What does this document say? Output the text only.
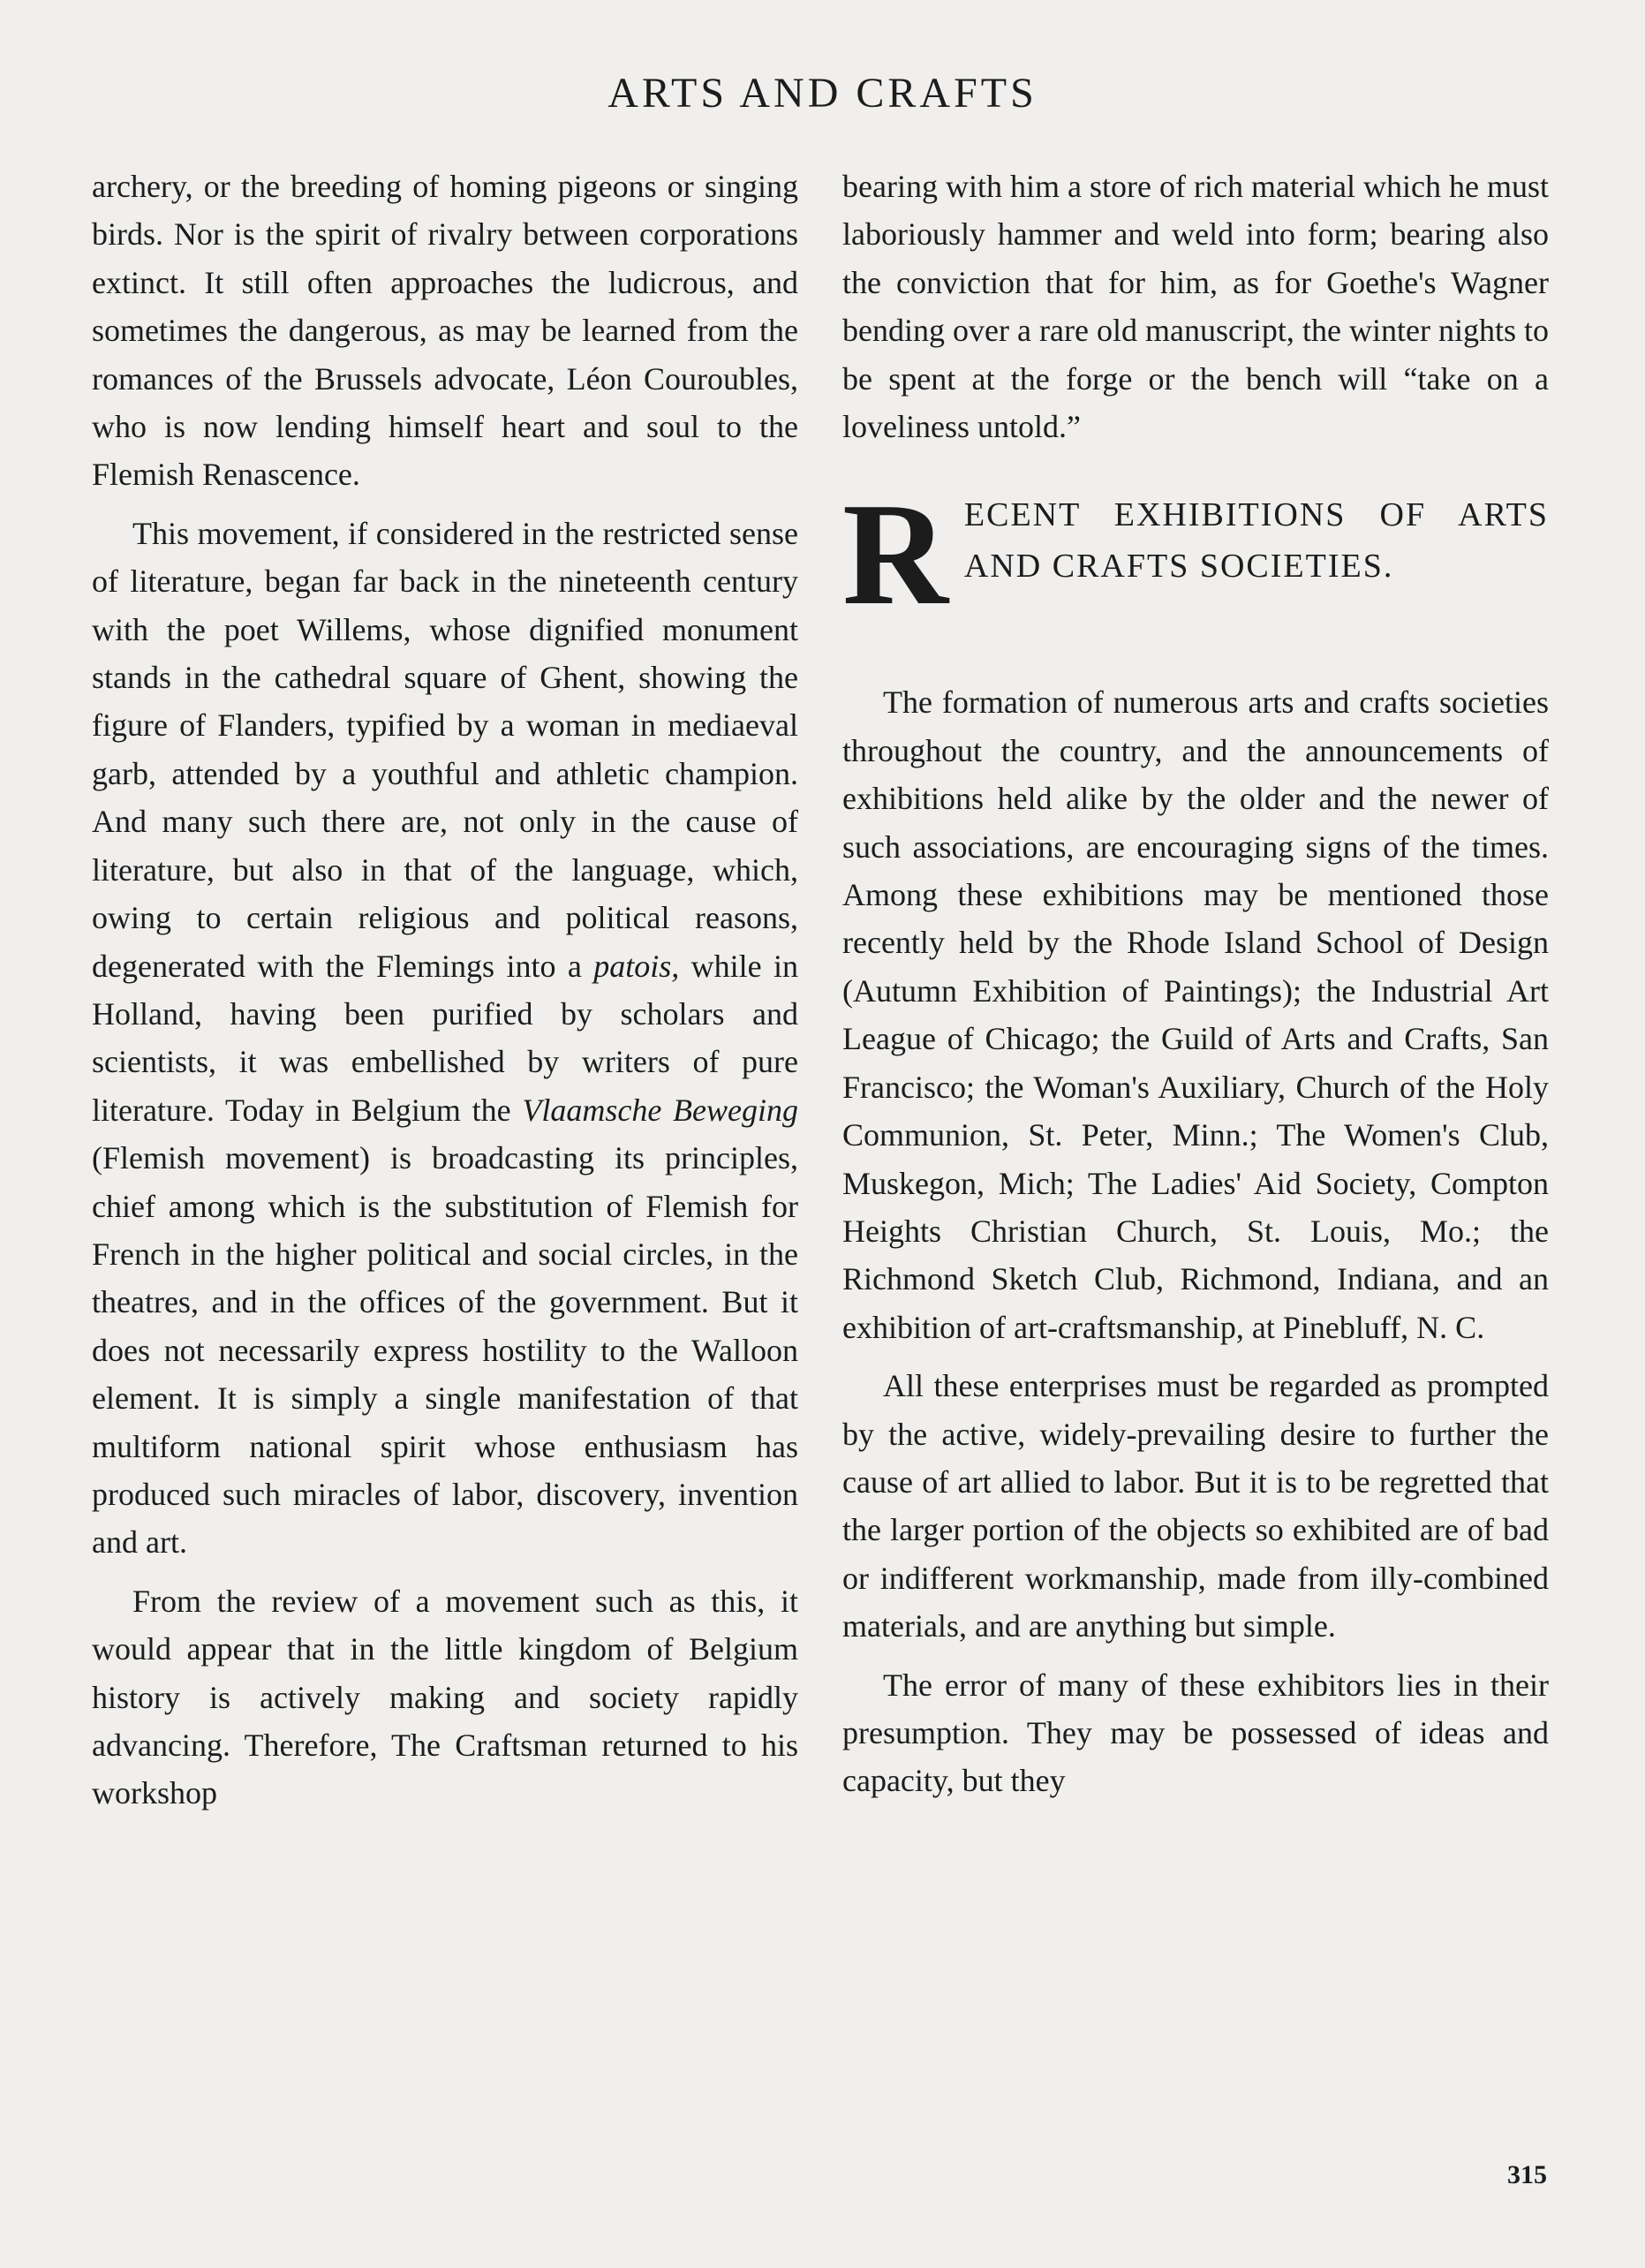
ARTS AND CRAFTS

archery, or the breeding of homing pigeons or singing birds. Nor is the spirit of rivalry between corporations extinct. It still often approaches the ludicrous, and sometimes the dangerous, as may be learned from the romances of the Brussels advocate, Léon Couroubles, who is now lending himself heart and soul to the Flemish Renascence.

This movement, if considered in the restricted sense of literature, began far back in the nineteenth century with the poet Willems, whose dignified monument stands in the cathedral square of Ghent, showing the figure of Flanders, typified by a woman in mediaeval garb, attended by a youthful and athletic champion. And many such there are, not only in the cause of literature, but also in that of the language, which, owing to certain religious and political reasons, degenerated with the Flemings into a patois, while in Holland, having been purified by scholars and scientists, it was embellished by writers of pure literature. Today in Belgium the Vlaamsche Beweging (Flemish movement) is broadcasting its principles, chief among which is the substitution of Flemish for French in the higher political and social circles, in the theatres, and in the offices of the government. But it does not necessarily express hostility to the Walloon element. It is simply a single manifestation of that multiform national spirit whose enthusiasm has produced such miracles of labor, discovery, invention and art.

From the review of a movement such as this, it would appear that in the little kingdom of Belgium history is actively making and society rapidly advancing. Therefore, The Craftsman returned to his workshop

bearing with him a store of rich material which he must laboriously hammer and weld into form; bearing also the conviction that for him, as for Goethe's Wagner bending over a rare old manuscript, the winter nights to be spent at the forge or the bench will “take on a loveliness untold.”

R ECENT EXHIBITIONS OF ARTS AND CRAFTS SOCIETIES.

The formation of numerous arts and crafts societies throughout the country, and the announcements of exhibitions held alike by the older and the newer of such associations, are encouraging signs of the times. Among these exhibitions may be mentioned those recently held by the Rhode Island School of Design (Autumn Exhibition of Paintings); the Industrial Art League of Chicago; the Guild of Arts and Crafts, San Francisco; the Woman's Auxiliary, Church of the Holy Communion, St. Peter, Minn.; The Women's Club, Muskegon, Mich; The Ladies' Aid Society, Compton Heights Christian Church, St. Louis, Mo.; the Richmond Sketch Club, Richmond, Indiana, and an exhibition of art-craftsmanship, at Pinebluff, N. C.

All these enterprises must be regarded as prompted by the active, widely-prevailing desire to further the cause of art allied to labor. But it is to be regretted that the larger portion of the objects so exhibited are of bad or indifferent workmanship, made from illy-combined materials, and are anything but simple.

The error of many of these exhibitors lies in their presumption. They may be possessed of ideas and capacity, but they

315
